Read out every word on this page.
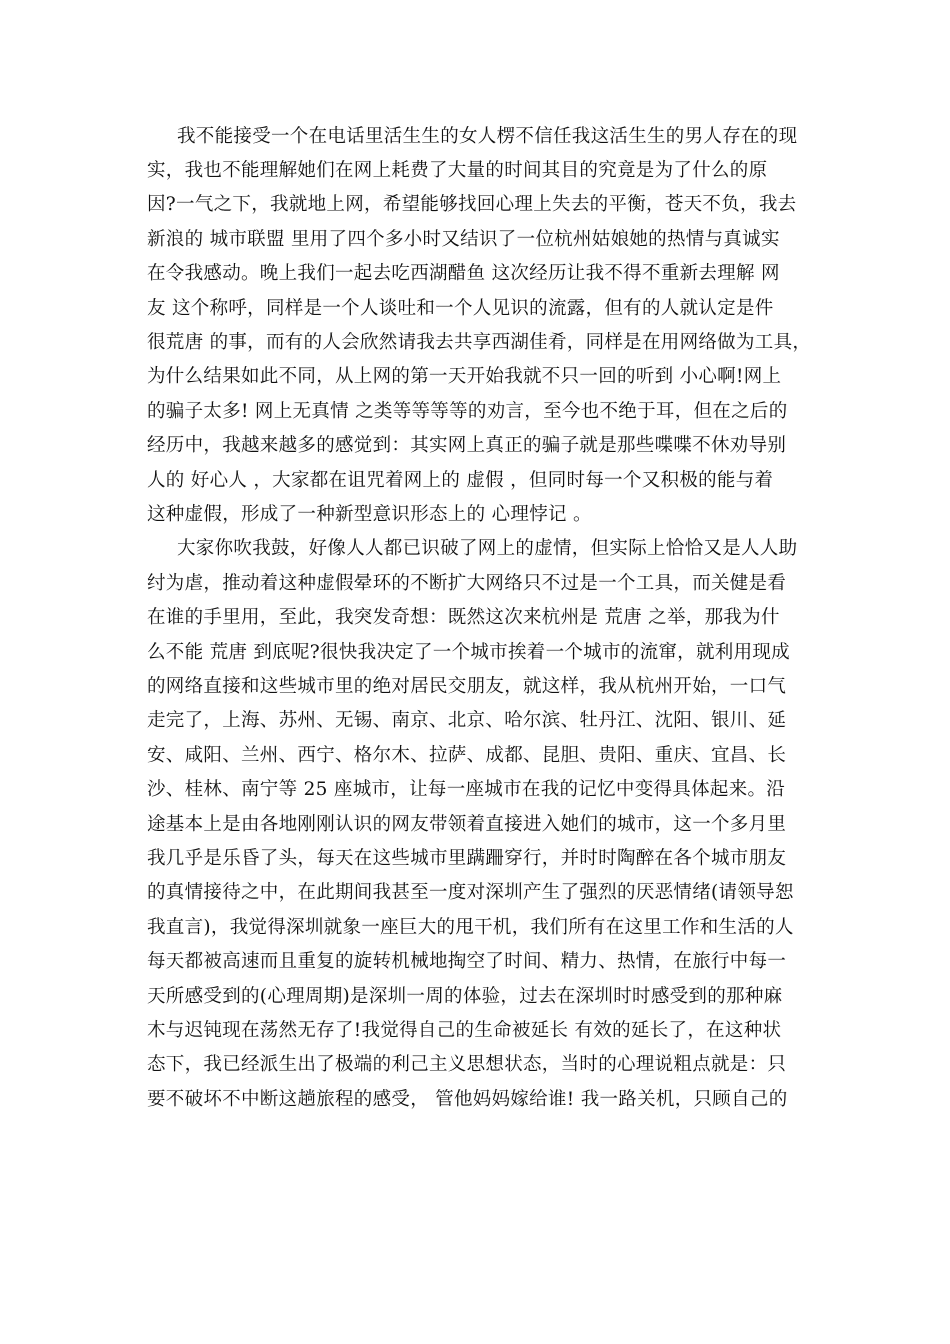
我不能接受一个在电话里活生生的女人楞不信任我这活生生的男人存在的现
实，我也不能理解她们在网上耗费了大量的时间其目的究竟是为了什么的原
因?一气之下，我就地上网，希望能够找回心理上失去的平衡，苍天不负，我去
新浪的 城市联盟 里用了四个多小时又结识了一位杭州姑娘她的热情与真诚实
在令我感动。晚上我们一起去吃西湖醋鱼 这次经历让我不得不重新去理解 网
友 这个称呼，同样是一个人谈吐和一个人见识的流露，但有的人就认定是件
很荒唐 的事，而有的人会欣然请我去共享西湖佳肴，同样是在用网络做为工具，
为什么结果如此不同，从上网的第一天开始我就不只一回的听到 小心啊!网上
的骗子太多! 网上无真情 之类等等等等的劝言，至今也不绝于耳，但在之后的
经历中，我越来越多的感觉到：其实网上真正的骗子就是那些喋喋不休劝导别
人的 好心人 ，大家都在诅咒着网上的 虚假 ，但同时每一个又积极的能与着
这种虚假，形成了一种新型意识形态上的 心理悖记 。
大家你吹我鼓，好像人人都已识破了网上的虚情，但实际上恰恰又是人人助
纣为虐，推动着这种虚假晕环的不断扩大网络只不过是一个工具，而关健是看
在谁的手里用，至此，我突发奇想：既然这次来杭州是 荒唐 之举，那我为什
么不能 荒唐 到底呢?很快我决定了一个城市挨着一个城市的流窜，就利用现成
的网络直接和这些城市里的绝对居民交朋友，就这样，我从杭州开始，一口气
走完了，上海、苏州、无锡、南京、北京、哈尔滨、牡丹江、沈阳、银川、延
安、咸阳、兰州、西宁、格尔木、拉萨、成都、昆胆、贵阳、重庆、宜昌、长
沙、桂林、南宁等 25 座城市，让每一座城市在我的记忆中变得具体起来。沿
途基本上是由各地刚刚认识的网友带领着直接进入她们的城市，这一个多月里
我几乎是乐昏了头，每天在这些城市里蹒跚穿行，并时时陶醉在各个城市朋友
的真情接待之中，在此期间我甚至一度对深圳产生了强烈的厌恶情绪(请领导恕
我直言)，我觉得深圳就象一座巨大的甩干机，我们所有在这里工作和生活的人
每天都被高速而且重复的旋转机械地掏空了时间、精力、热情，在旅行中每一
天所感受到的(心理周期)是深圳一周的体验，过去在深圳时时感受到的那种麻
木与迟钝现在荡然无存了!我觉得自己的生命被延长 有效的延长了，在这种状
态下，我已经派生出了极端的利己主义思想状态，当时的心理说粗点就是：只
要不破坏不中断这趟旅程的感受， 管他妈妈嫁给谁! 我一路关机，只顾自己的
